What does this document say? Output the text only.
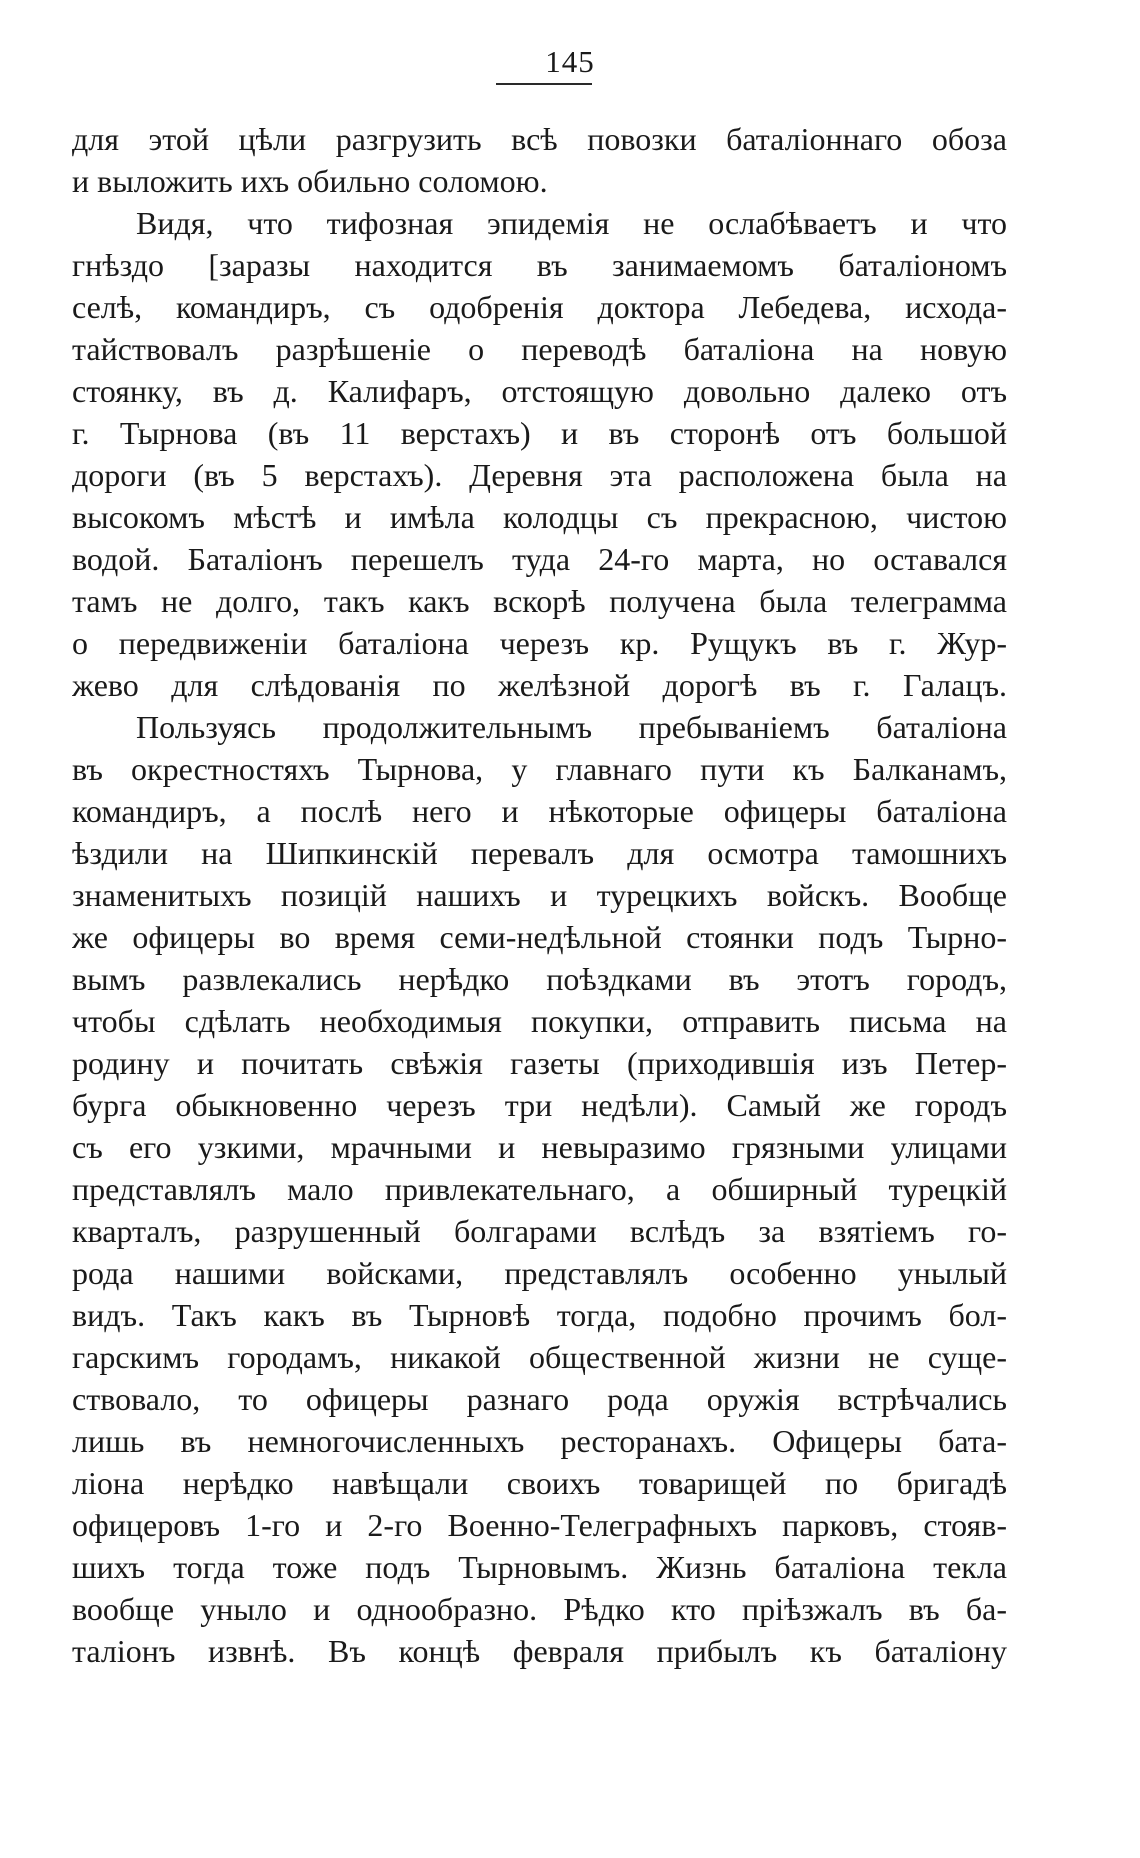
145
для этой цѣли разгрузить всѣ повозки баталіоннаго обоза
и выложить ихъ обильно соломою.
Видя, что тифозная эпидемія не ослабѣваетъ и что
гнѣздо [заразы находится въ занимаемомъ баталіономъ
селѣ, командиръ, съ одобренія доктора Лебедева, исхода-
тайствовалъ разрѣшеніе о переводѣ баталіона на новую
стоянку, въ д. Калифаръ, отстоящую довольно далеко отъ
г. Тырнова (въ 11 верстахъ) и въ сторонѣ отъ большой
дороги (въ 5 верстахъ). Деревня эта расположена была на
высокомъ мѣстѣ и имѣла колодцы съ прекрасною, чистою
водой. Баталіонъ перешелъ туда 24-го марта, но оставался
тамъ не долго, такъ какъ вскорѣ получена была телеграмма
о передвиженіи баталіона черезъ кр. Рущукъ въ г. Жур-
жево для слѣдованія по желѣзной дорогѣ въ г. Галацъ.
Пользуясь продолжительнымъ пребываніемъ баталіона
въ окрестностяхъ Тырнова, у главнаго пути къ Балканамъ,
командиръ, а послѣ него и нѣкоторые офицеры баталіона
ѣздили на Шипкинскій перевалъ для осмотра тамошнихъ
знаменитыхъ позицій нашихъ и турецкихъ войскъ. Вообще
же офицеры во время семи-недѣльной стоянки подъ Тырно-
вымъ развлекались нерѣдко поѣздками въ этотъ городъ,
чтобы сдѣлать необходимыя покупки, отправить письма на
родину и почитать свѣжія газеты (приходившія изъ Петер-
бурга обыкновенно черезъ три недѣли). Самый же городъ
съ его узкими, мрачными и невыразимо грязными улицами
представлялъ мало привлекательнаго, а обширный турецкій
кварталъ, разрушенный болгарами вслѣдъ за взятіемъ го-
рода нашими войсками, представлялъ особенно унылый
видъ. Такъ какъ въ Тырновѣ тогда, подобно прочимъ бол-
гарскимъ городамъ, никакой общественной жизни не суще-
ствовало, то офицеры разнаго рода оружія встрѣчались
лишь въ немногочисленныхъ ресторанахъ. Офицеры бата-
ліона нерѣдко навѣщали своихъ товарищей по бригадѣ
офицеровъ 1-го и 2-го Военно-Телеграфныхъ парковъ, стояв-
шихъ тогда тоже подъ Тырновымъ. Жизнь баталіона текла
вообще уныло и однообразно. Рѣдко кто пріѣзжалъ въ ба-
таліонъ извнѣ. Въ концѣ февраля прибылъ къ баталіону
